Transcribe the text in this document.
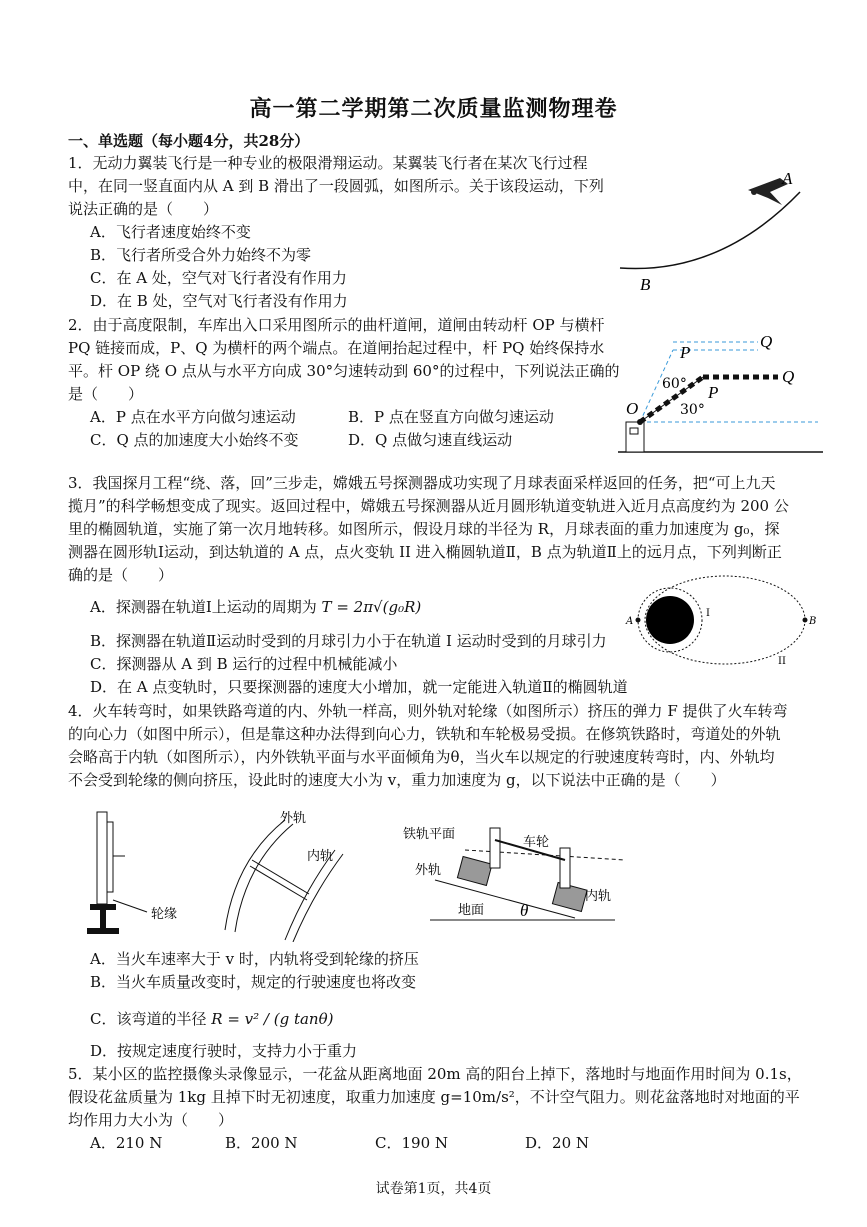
高一第二学期第二次质量监测物理卷
一、单选题（每小题4分，共28分）
1．无动力翼装飞行是一种专业的极限滑翔运动。某翼装飞行者在某次飞行过程
中，在同一竖直面内从 A 到 B 滑出了一段圆弧，如图所示。关于该段运动，下列
说法正确的是（　　）
A．飞行者速度始终不变
B．飞行者所受合外力始终不为零
C．在 A 处，空气对飞行者没有作用力
D．在 B 处，空气对飞行者没有作用力
A
B
2．由于高度限制，车库出入口采用图所示的曲杆道闸，道闸由转动杆 OP 与横杆
PQ 链接而成，P、Q 为横杆的两个端点。在道闸抬起过程中，杆 PQ 始终保持水
平。杆 OP 绕 O 点从与水平方向成 30°匀速转动到 60°的过程中，下列说法正确的
是（　　）
A．P 点在水平方向做匀速运动	B．P 点在竖直方向做匀速运动
C．Q 点的加速度大小始终不变	D．Q 点做匀速直线运动
P
Q
P
Q
O
60°
30°
3．我国探月工程“绕、落，回”三步走，嫦娥五号探测器成功实现了月球表面采样返回的任务，把“可上九天
揽月”的科学畅想变成了现实。返回过程中，嫦娥五号探测器从近月圆形轨道变轨进入近月点高度约为 200 公
里的椭圆轨道，实施了第一次月地转移。如图所示，假设月球的半径为 R，月球表面的重力加速度为 g₀，探
测器在圆形轨Ⅰ运动，到达轨道的 A 点，点火变轨 II 进入椭圆轨道Ⅱ，B 点为轨道Ⅱ上的远月点，下列判断正
确的是（　　）
A．探测器在轨道Ⅰ上运动的周期为 T = 2π√(g₀R)
B．探测器在轨道Ⅱ运动时受到的月球引力小于在轨道 I 运动时受到的月球引力
C．探测器从 A 到 B 运行的过程中机械能减小
D．在 A 点变轨时，只要探测器的速度大小增加，就一定能进入轨道Ⅱ的椭圆轨道
A	B
I
II
4．火车转弯时，如果铁路弯道的内、外轨一样高，则外轨对轮缘（如图所示）挤压的弹力 F 提供了火车转弯
的向心力（如图中所示），但是靠这种办法得到向心力，铁轨和车轮极易受损。在修筑铁路时，弯道处的外轨
会略高于内轨（如图所示），内外铁轨平面与水平面倾角为θ，当火车以规定的行驶速度转弯时，内、外轨均
不会受到轮缘的侧向挤压，设此时的速度大小为 v，重力加速度为 g，以下说法中正确的是（　　）
轮缘
外轨
内轨
铁轨平面
车轮
外轨
内轨
地面 θ
A．当火车速率大于 v 时，内轨将受到轮缘的挤压
B．当火车质量改变时，规定的行驶速度也将改变
C．该弯道的半径 R = v² / (g tanθ)
D．按规定速度行驶时，支持力小于重力
5．某小区的监控摄像头录像显示，一花盆从距离地面 20m 高的阳台上掉下，落地时与地面作用时间为 0.1s，
假设花盆质量为 1kg 且掉下时无初速度，取重力加速度 g=10m/s²，不计空气阻力。则花盆落地时对地面的平
均作用力大小为（　　）
A．210 N	B．200 N	C．190 N	D．20 N
试卷第1页，共4页
